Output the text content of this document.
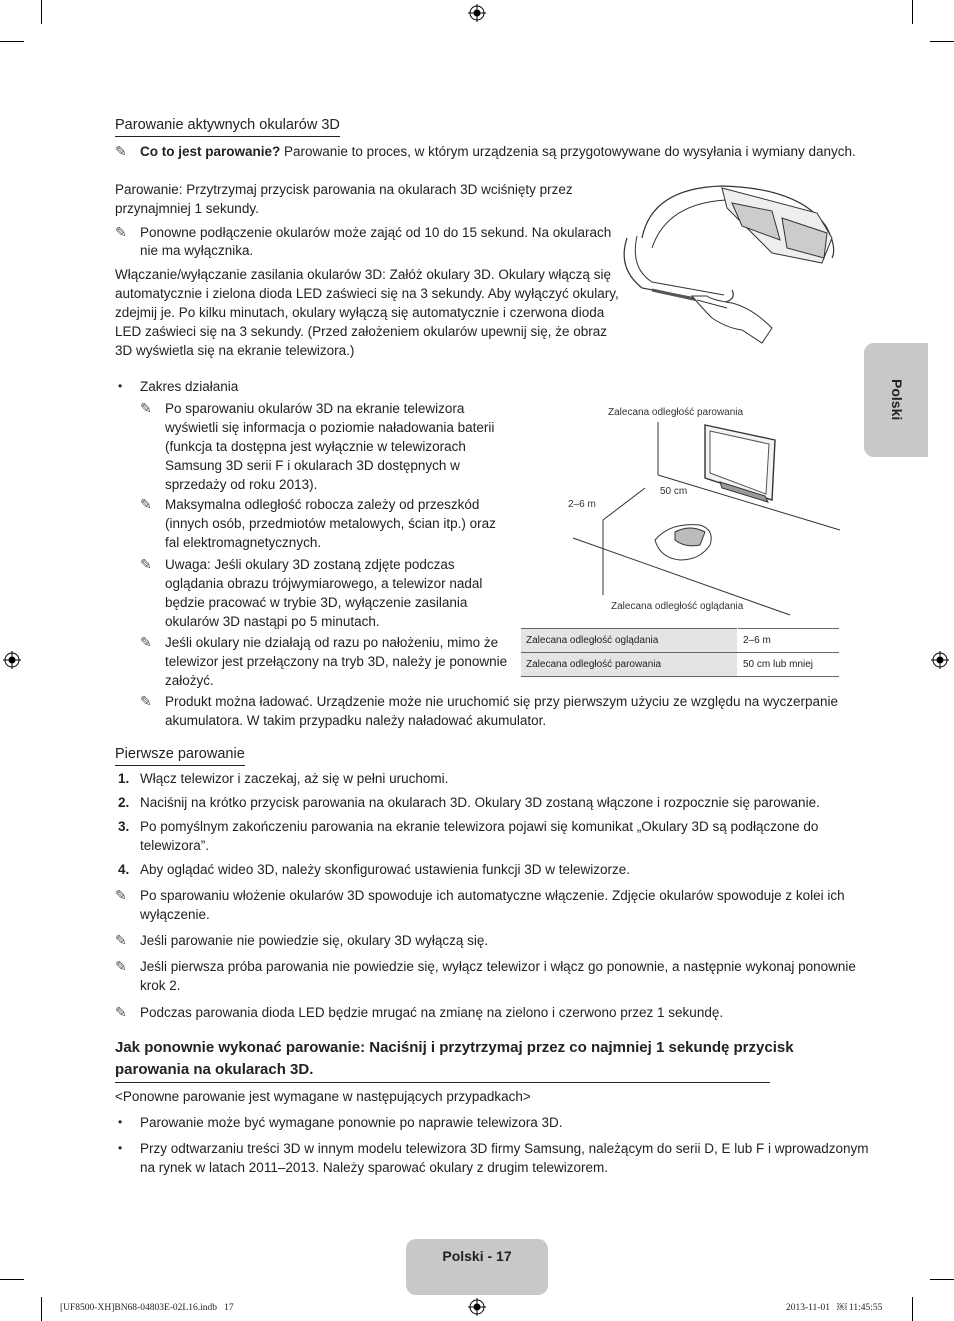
Polski
Parowanie aktywnych okularów 3D
✎ Co to jest parowanie? Parowanie to proces, w którym urządzenia są przygotowywane do wysyłania i wymiany danych.
Parowanie: Przytrzymaj przycisk parowania na okularach 3D wciśnięty przez
przynajmniej 1 sekundy.
✎ Ponowne podłączenie okularów może zająć od 10 do 15 sekund. Na okularach
nie ma wyłącznika.
Włączanie/wyłączanie zasilania okularów 3D: Załóż okulary 3D. Okulary włączą się
automatycznie i zielona dioda LED zaświeci się na 3 sekundy. Aby wyłączyć okulary,
zdejmij je. Po kilku minutach, okulary wyłączą się automatycznie i czerwona dioda
LED zaświeci się na 3 sekundy. (Przed założeniem okularów upewnij się, że obraz
3D wyświetla się na ekranie telewizora.)
• Zakres działania
✎ Po sparowaniu okularów 3D na ekranie telewizora
wyświetli się informacja o poziomie naładowania baterii
(funkcja ta dostępna jest wyłącznie w telewizorach
Samsung 3D serii F i okularach 3D dostępnych w
sprzedaży od roku 2013).
✎ Maksymalna odległość robocza zależy od przeszkód
(innych osób, przedmiotów metalowych, ścian itp.) oraz
fal elektromagnetycznych.
✎ Uwaga: Jeśli okulary 3D zostaną zdjęte podczas
oglądania obrazu trójwymiarowego, a telewizor nadal
będzie pracować w trybie 3D, wyłączenie zasilania
okularów 3D nastąpi po 5 minutach.
✎ Jeśli okulary nie działają od razu po nałożeniu, mimo że
telewizor jest przełączony na tryb 3D, należy je ponownie
założyć.
✎ Produkt można ładować. Urządzenie może nie uruchomić się przy pierwszym użyciu ze względu na wyczerpanie
akumulatora. W takim przypadku należy naładować akumulator.
Zalecana odległość parowania
50 cm
2–6 m
Zalecana odległość oglądania
Zalecana odległość oglądania	2–6 m
Zalecana odległość parowania	50 cm lub mniej
Pierwsze parowanie
1. Włącz telewizor i zaczekaj, aż się w pełni uruchomi.
2. Naciśnij na krótko przycisk parowania na okularach 3D. Okulary 3D zostaną włączone i rozpocznie się parowanie.
3. Po pomyślnym zakończeniu parowania na ekranie telewizora pojawi się komunikat „Okulary 3D są podłączone do
telewizora”.
4. Aby oglądać wideo 3D, należy skonfigurować ustawienia funkcji 3D w telewizorze.
✎ Po sparowaniu włożenie okularów 3D spowoduje ich automatyczne włączenie. Zdjęcie okularów spowoduje z kolei ich
wyłączenie.
✎ Jeśli parowanie nie powiedzie się, okulary 3D wyłączą się.
✎ Jeśli pierwsza próba parowania nie powiedzie się, wyłącz telewizor i włącz go ponownie, a następnie wykonaj ponownie
krok 2.
✎ Podczas parowania dioda LED będzie mrugać na zmianę na zielono i czerwono przez 1 sekundę.
Jak ponownie wykonać parowanie: Naciśnij i przytrzymaj przez co najmniej 1 sekundę przycisk
parowania na okularach 3D.
<Ponowne parowanie jest wymagane w następujących przypadkach>
• Parowanie może być wymagane ponownie po naprawie telewizora 3D.
• Przy odtwarzaniu treści 3D w innym modelu telewizora 3D firmy Samsung, należącym do serii D, E lub F i wprowadzonym
na rynek w latach 2011–2013. Należy sparować okulary z drugim telewizorem.
Polski - 17
[UF8500-XH]BN68-04803E-02L16.indb   17	2013-11-01   ￼ 11:45:55
